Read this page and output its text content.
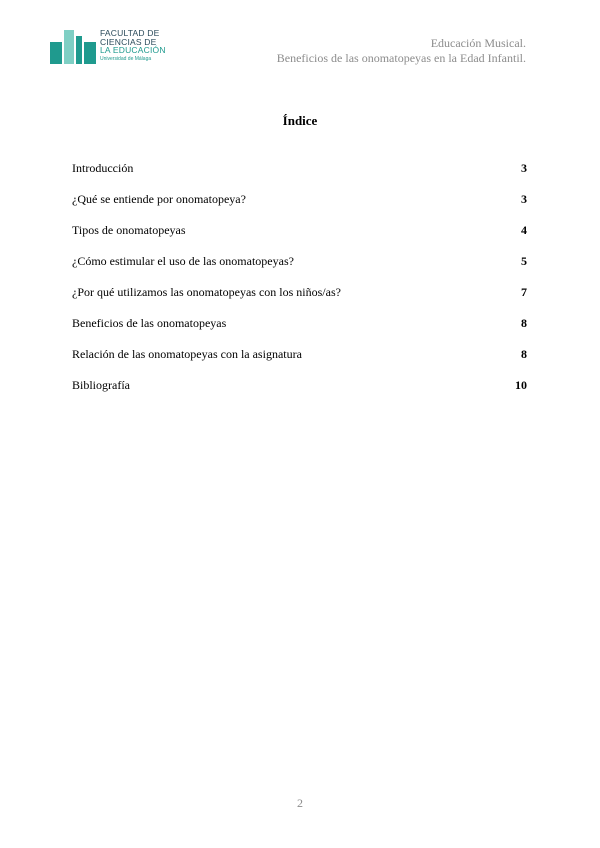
FACULTAD DE
CIENCIAS DE
LA EDUCACIÓN
Universidad de Málaga
Educación Musical.
Beneficios de las onomatopeyas en la Edad Infantil.
Índice
Introducción	3
¿Qué se entiende por onomatopeya?	3
Tipos de onomatopeyas	4
¿Cómo estimular el uso de las onomatopeyas?	5
¿Por qué utilizamos las onomatopeyas con los niños/as?	7
Beneficios de las onomatopeyas	8
Relación de las onomatopeyas con la asignatura	8
Bibliografía	10
2
